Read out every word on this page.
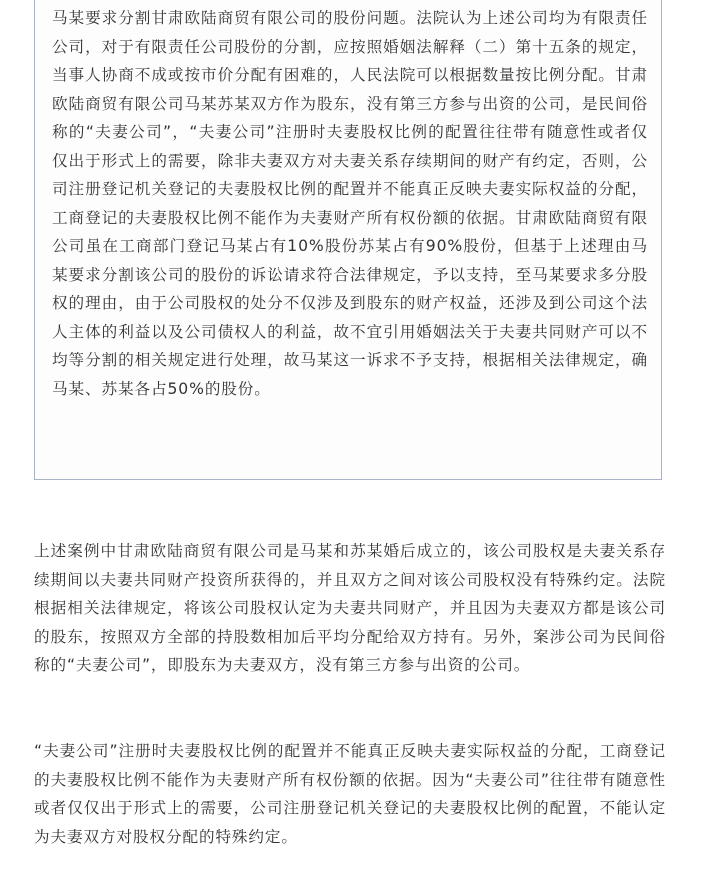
马某要求分割甘肃欧陆商贸有限公司的股份问题。法院认为上述公司均为有限责任公司，对于有限责任公司股份的分割，应按照婚姻法解释（二）第十五条的规定，当事人协商不成或按市价分配有困难的，人民法院可以根据数量按比例分配。甘肃欧陆商贸有限公司马某苏某双方作为股东，没有第三方参与出资的公司，是民间俗称的“夫妻公司”，“夫妻公司”注册时夫妻股权比例的配置往往带有随意性或者仅仅出于形式上的需要，除非夫妻双方对夫妻关系存续期间的财产有约定，否则，公司注册登记机关登记的夫妻股权比例的配置并不能真正反映夫妻实际权益的分配，工商登记的夫妻股权比例不能作为夫妻财产所有权份额的依据。甘肃欧陆商贸有限公司虽在工商部门登记马某占有10%股份苏某占有90%股份，但基于上述理由马某要求分割该公司的股份的诉讼请求符合法律规定，予以支持，至马某要求多分股权的理由，由于公司股权的处分不仅涉及到股东的财产权益，还涉及到公司这个法人主体的利益以及公司债权人的利益，故不宜引用婚姻法关于夫妻共同财产可以不均等分割的相关规定进行处理，故马某这一诉求不予支持，根据相关法律规定，确马某、苏某各占50%的股份。

上述案例中甘肃欧陆商贸有限公司是马某和苏某婚后成立的，该公司股权是夫妻关系存续期间以夫妻共同财产投资所获得的，并且双方之间对该公司股权没有特殊约定。法院根据相关法律规定，将该公司股权认定为夫妻共同财产，并且因为夫妻双方都是该公司的股东，按照双方全部的持股数相加后平均分配给双方持有。另外，案涉公司为民间俗称的“夫妻公司”，即股东为夫妻双方，没有第三方参与出资的公司。

“夫妻公司”注册时夫妻股权比例的配置并不能真正反映夫妻实际权益的分配，工商登记的夫妻股权比例不能作为夫妻财产所有权份额的依据。因为“夫妻公司”往往带有随意性或者仅仅出于形式上的需要，公司注册登记机关登记的夫妻股权比例的配置，不能认定为夫妻双方对股权分配的特殊约定。
